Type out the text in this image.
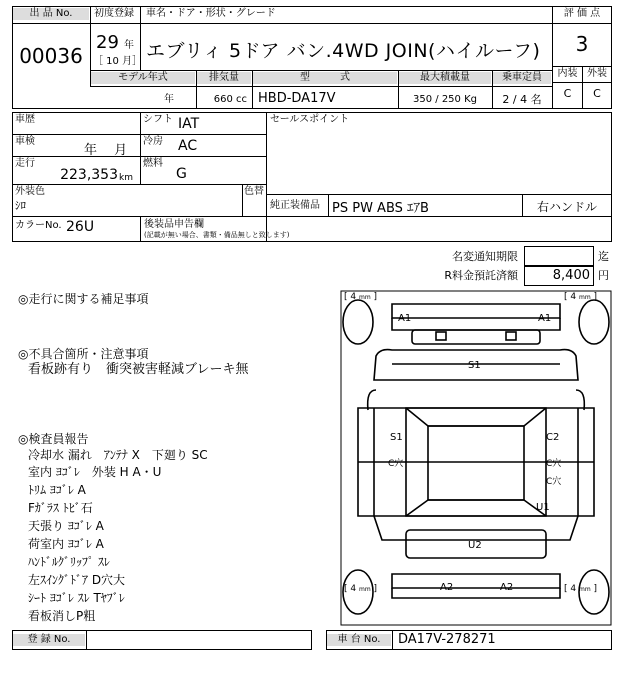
出 品 No.
00036
初度登録 車名・ドア・形状・グレード
29 年
［ 10 月］ エブリィ 5ドア バン.4WD JOIN(ハイルーフ)
モデル年式	排気量	型　　　式	最大積載量	乗車定員
年	660 cc HBD-DA17V	350 / 250 Kg	2 / 4 名
評 価 点
3
内装 外装
C	C
車歴	シフト IAT
車検
年　 月
冷房 AC
走行
223,353 km
燃料
G
セールスポイント
外装色
ｼﾛ
色替
純正装備品 PS PW ABS ｴｱB	右ハンドル
カラーNo. 26U	後装品申告欄
(記載が無い場合、書類・備品無しと致します)
名変通知期限	迄
R料金預託済額	8,400 円
◎走行に関する補足事項
◎不具合箇所・注意事項
看板跡有り　衝突被害軽減ブレーキ無
◎検査員報告
冷却水 漏れ　ｱﾝﾃﾅ X　下廻り SC
室内 ﾖｺﾞﾚ　外装 H A・U
ﾄﾘﾑ ﾖｺﾞﾚ A
Fｶﾞﾗｽ ﾄﾋﾞ石
天張り ﾖｺﾞﾚ A
荷室内 ﾖｺﾞﾚ A
ﾊﾝﾄﾞﾙｸﾞﾘｯﾌﾟ ｽﾚ
左ｽｲﾝｸﾞﾄﾞｱ D穴大
ｼｰﾄ ﾖｺﾞﾚ ｽﾚ Tﾔﾌﾞﾚ
看板消しP粗
[ 4 mm ]	[ 4 mm ]
[ 4 mm ]	[ 4 mm ]
A1	A1
S1
S1
C穴
C2
C穴
C穴
U1
U2
A2	A2
登 録 No.	車 台 No.	DA17V-278271
